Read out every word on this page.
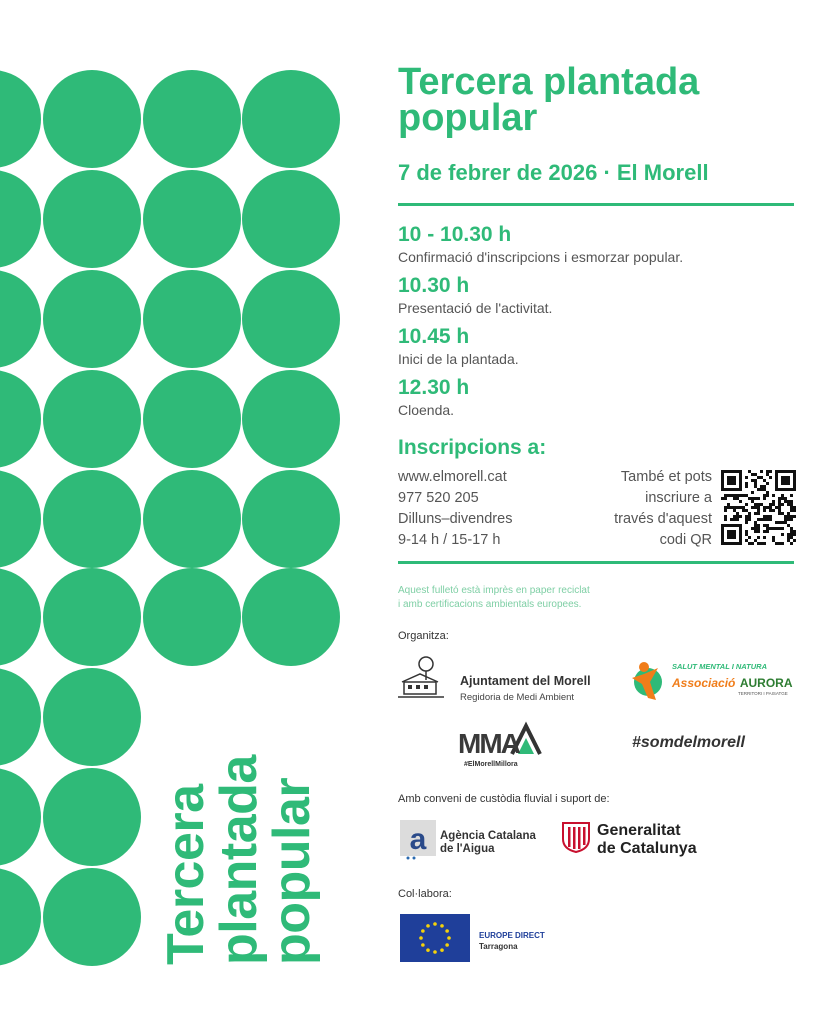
Tercera
plantada
popular
Tercera plantada
popular
7 de febrer de 2026 · El Morell
10 - 10.30 h
Confirmació d'inscripcions i esmorzar popular.
10.30 h
Presentació de l'activitat.
10.45 h
Inici de la plantada.
12.30 h
Cloenda.
Inscripcions a:
www.elmorell.cat
977 520 205
Dilluns–divendres
9-14 h / 15-17 h
També et pots
inscriure a
través d'aquest
codi QR
Aquest fulletó està imprès en paper reciclat
i amb certificacions ambientals europees.
Organitza:
Ajuntament del Morell
Regidoria de Medi Ambient
SALUT MENTAL I NATURA
Associació AURORA
TERRITORI I PAISATGE
MMA
#ElMorellMillora
#somdelmorell
Amb conveni de custòdia fluvial i suport de:
a Agència Catalana
de l'Aigua
Generalitat
de Catalunya
Col·labora:
EUROPE DIRECT
Tarragona
